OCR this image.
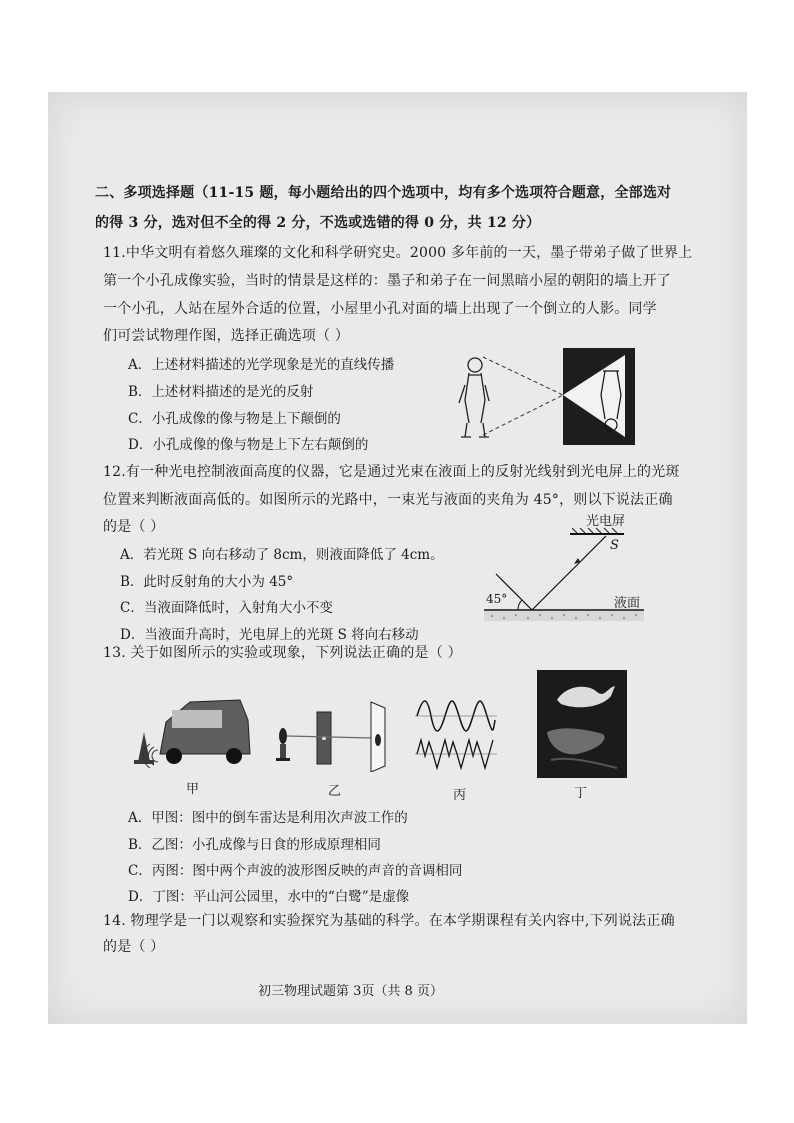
二、多项选择题（11-15 题，每小题给出的四个选项中，均有多个选项符合题意，全部选对
的得 3 分，选对但不全的得 2 分，不选或选错的得 0 分，共 12 分）
11.中华文明有着悠久璀璨的文化和科学研究史。2000 多年前的一天，墨子带弟子做了世界上
第一个小孔成像实验，当时的情景是这样的：墨子和弟子在一间黑暗小屋的朝阳的墙上开了
一个小孔，人站在屋外合适的位置，小屋里小孔对面的墙上出现了一个倒立的人影。同学
们可尝试物理作图，选择正确选项（ ）
A．上述材料描述的光学现象是光的直线传播
B．上述材料描述的是光的反射
C．小孔成像的像与物是上下颠倒的
D．小孔成像的像与物是上下左右颠倒的
12.有一种光电控制液面高度的仪器，它是通过光束在液面上的反射光线射到光电屏上的光斑
位置来判断液面高低的。如图所示的光路中，一束光与液面的夹角为 45°，则以下说法正确
的是（ ）
A．若光斑 S 向右移动了 8cm，则液面降低了 4cm。
B．此时反射角的大小为 45°
C．当液面降低时，入射角大小不变
D．当液面升高时，光电屏上的光斑 S 将向右移动
光电屏
S
45°	液面
13. 关于如图所示的实验或现象，下列说法正确的是（ ）
甲	乙	丙	丁
A．甲图：图中的倒车雷达是利用次声波工作的
B．乙图：小孔成像与日食的形成原理相同
C．丙图：图中两个声波的波形图反映的声音的音调相同
D．丁图：平山河公园里，水中的“白鹭”是虚像
14. 物理学是一门以观察和实验探究为基础的科学。在本学期课程有关内容中,下列说法正确
的是（ ）
初三物理试题第 3页（共 8 页）
